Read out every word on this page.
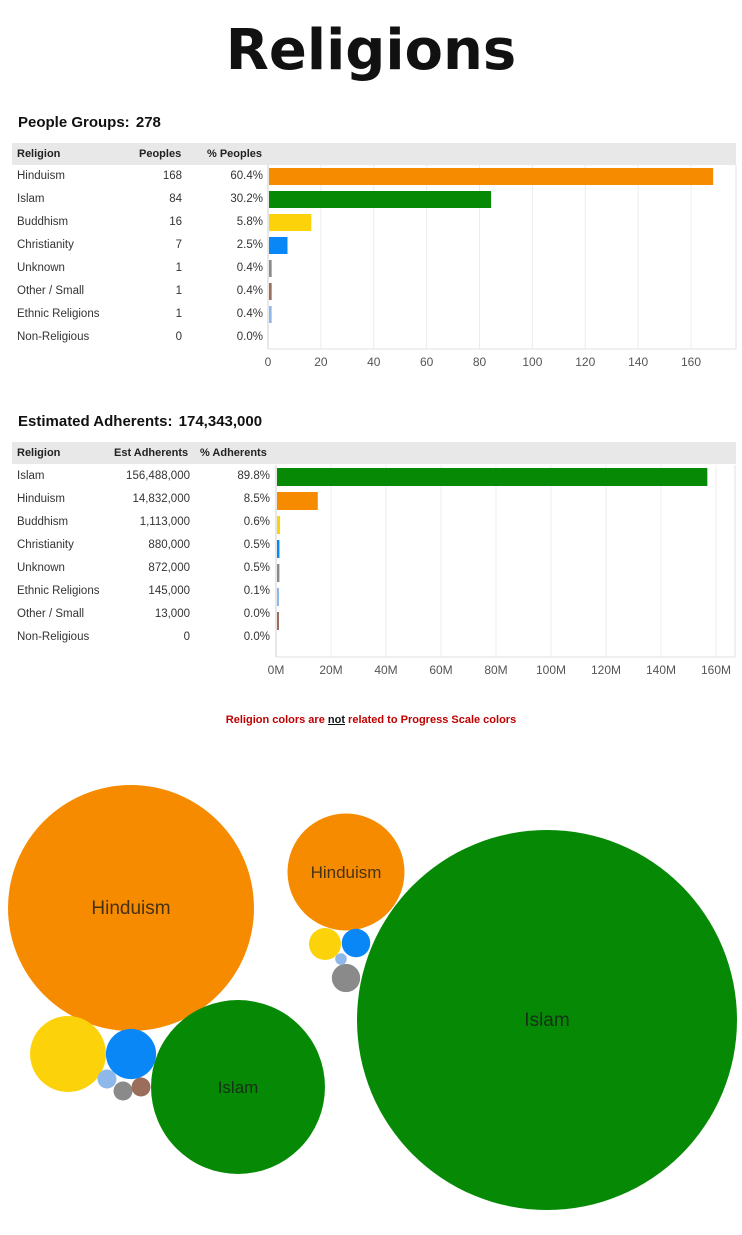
Religions
People Groups: 278
Religion	Peoples % Peoples
Hinduism	168	60.4%
Islam	84	30.2%
Buddhism	16	5.8%
Christianity	7	2.5%
Unknown	1	0.4%
Other / Small	1	0.4%
Ethnic Religions	1	0.4%
Non-Religious	0	0.0%
0	20	40	60	80	100	120	140	160
Estimated Adherents: 174,343,000
Religion	Est Adherents % Adherents
Islam	156,488,000	89.8%
Hinduism	14,832,000	8.5%
Buddhism	1,113,000	0.6%
Christianity	880,000	0.5%
Unknown	872,000	0.5%
Ethnic Religions	145,000	0.1%
Other / Small	13,000	0.0%
Non-Religious	0	0.0%
0M	20M	40M	60M	80M 100M 120M 140M 160M
Religion colors are not related to Progress Scale colors
Hinduism
Islam
Islam
Hinduism
